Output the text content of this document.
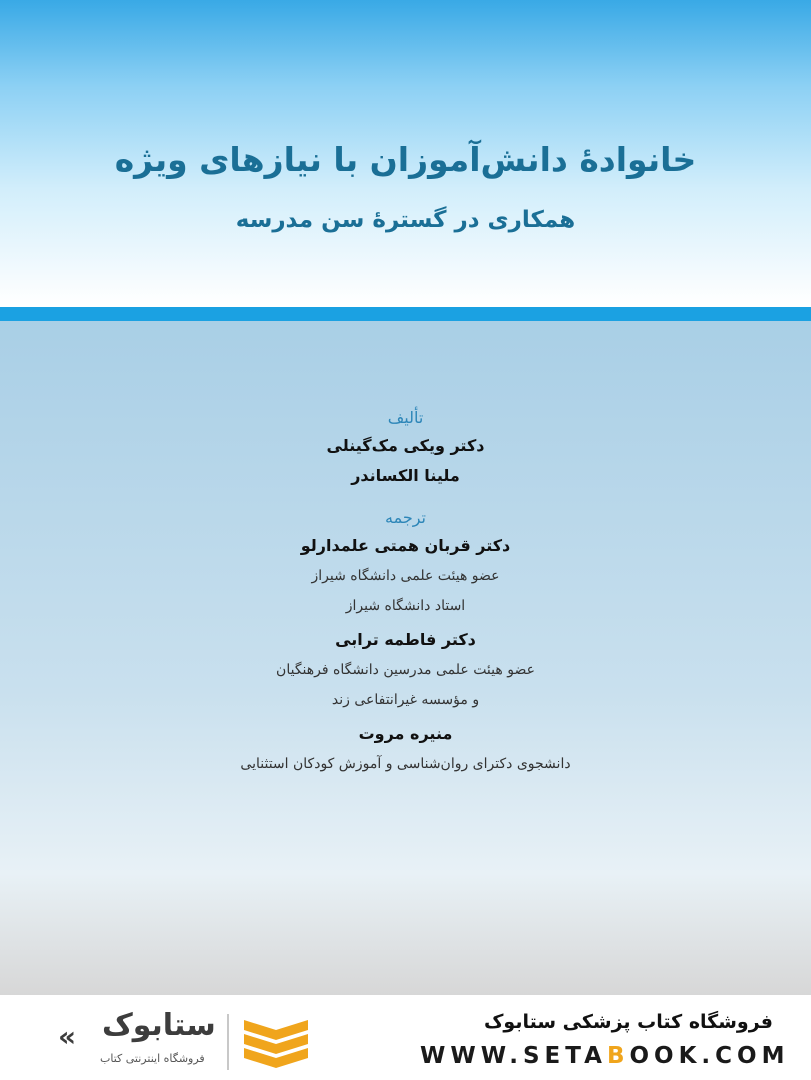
خانوادهٔ دانش‌آموزان با نیازهای ویژه
همکاری در گسترهٔ سن مدرسه
تألیف
دکتر ویکی مک‌گینلی
ملینا الکساندر
ترجمه
دکتر قربان همتی علمدارلو
عضو هیئت علمی دانشگاه شیراز
استاد دانشگاه شیراز
دکتر فاطمه ترابی
عضو هیئت علمی مدرسین دانشگاه فرهنگیان
و مؤسسه غیرانتفاعی زند
منیره مروت
دانشجوی دکترای روان‌شناسی و آموزش کودکان استثنایی
« ستابوک
فروشگاه اینترنتی کتاب
فروشگاه کتاب پزشکی ستابوک
WWW.SETABOOK.COM
